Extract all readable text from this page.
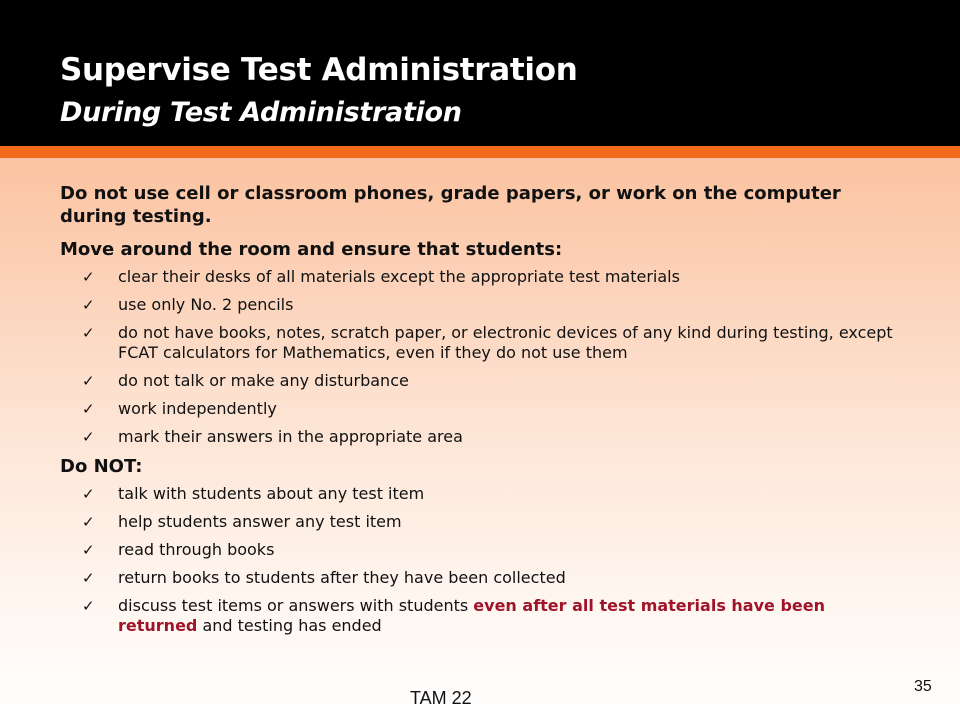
Supervise Test Administration
During Test Administration

Do not use cell or classroom phones, grade papers, or work on the computer during testing.

Move around the room and ensure that students:

✓ clear their desks of all materials except the appropriate test materials
✓ use only No. 2 pencils
✓ do not have books, notes, scratch paper, or electronic devices of any kind during testing, except FCAT calculators for Mathematics, even if they do not use them
✓ do not talk or make any disturbance
✓ work independently
✓ mark their answers in the appropriate area

Do NOT:

✓ talk with students about any test item
✓ help students answer any test item
✓ read through books
✓ return books to students after they have been collected
✓ discuss test items or answers with students even after all test materials have been returned and testing has ended
TAM 22
35
